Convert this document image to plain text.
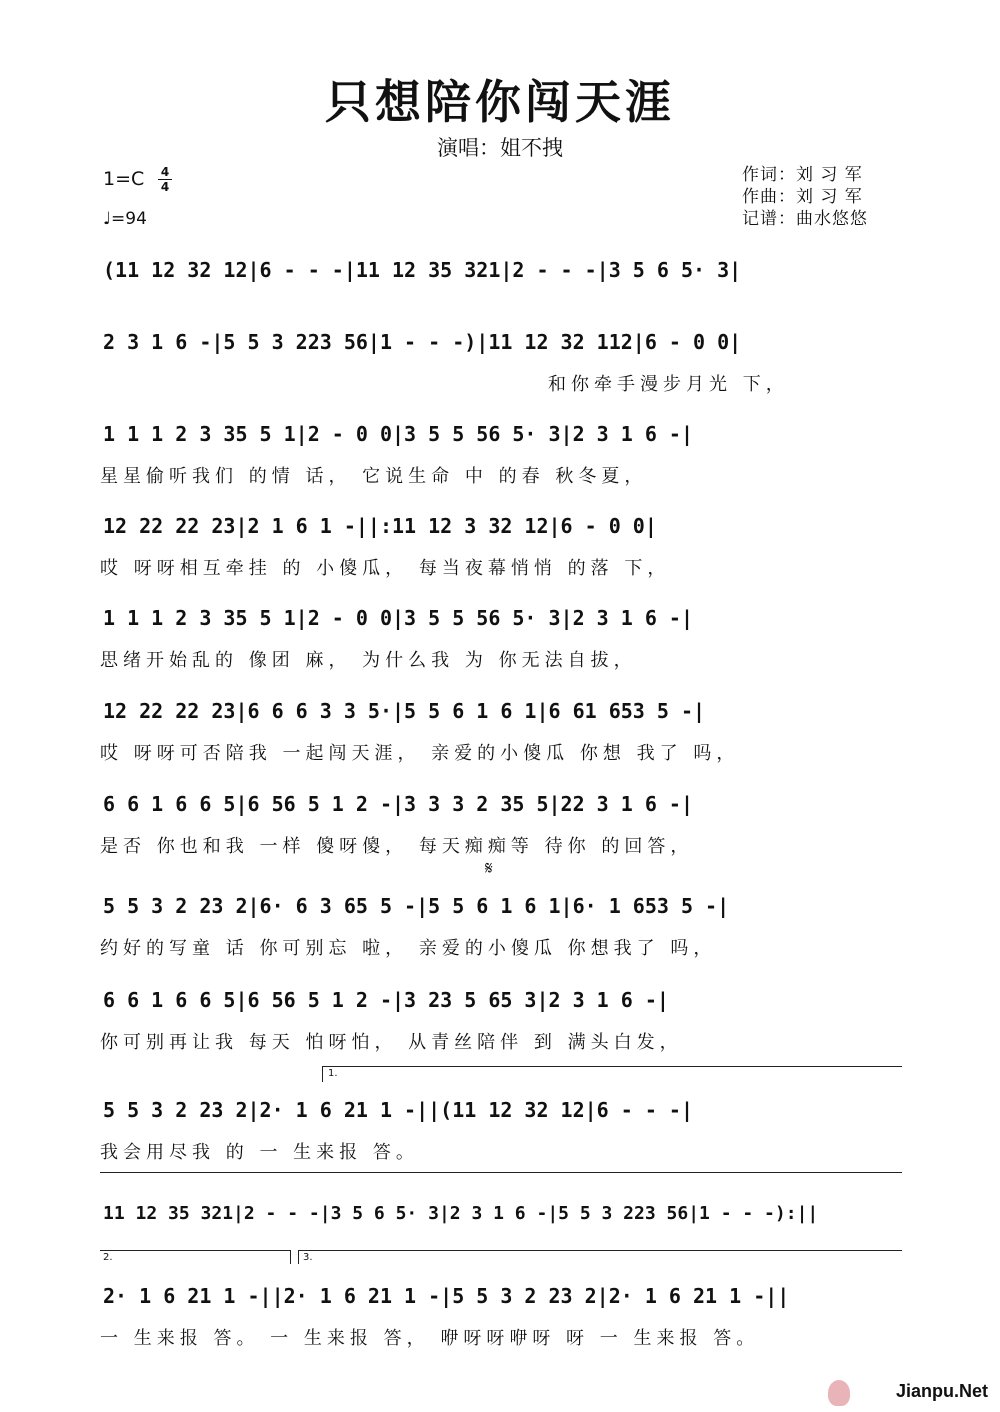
只想陪你闯天涯
演唱：姐不拽
1=C 4
4
♩=94
作词：刘 习 军
作曲：刘 习 军
记谱：曲水悠悠
(11 12 32 12|6 - - -|11 12 35 321|2 - - -|3 5 6 5· 3|
2 3 1 6 -|5 5 3 223 56|1 - - -)|11 12 32 112|6 - 0 0|
和你牵手漫步月光 下，
1 1 1 2 3 35 5 1|2 - 0 0|3 5 5 56 5· 3|2 3 1 6 -|
星星偷听我们 的情 话， 它说生命 中 的春 秋冬夏，
12 22 22 23|2 1 6 1 -||:11 12 3 32 12|6 - 0 0|
哎 呀呀相互牵挂 的 小傻瓜， 每当夜幕悄悄 的落 下，
1 1 1 2 3 35 5 1|2 - 0 0|3 5 5 56 5· 3|2 3 1 6 -|
思绪开始乱的 像团 麻， 为什么我 为 你无法自拔，
12 22 22 23|6 6 6 3 3 5·|5 5 6 1 6 1|6 61 653 5 -|
哎 呀呀可否陪我 一起闯天涯， 亲爱的小傻瓜 你想 我了 吗，
6 6 1 6 6 5|6 56 5 1 2 -|3 3 3 2 35 5|22 3 1 6 -|
是否 你也和我 一样 傻呀傻， 每天痴痴等 待你 的回答，
𝄋
5 5 3 2 23 2|6· 6 3 65 5 -|5 5 6 1 6 1|6· 1 653 5 -|
约好的写童 话 你可别忘 啦， 亲爱的小傻瓜 你想我了 吗，
6 6 1 6 6 5|6 56 5 1 2 -|3 23 5 65 3|2 3 1 6 -|
你可别再让我 每天 怕呀怕， 从青丝陪伴 到 满头白发，
1.
5 5 3 2 23 2|2· 1 6 21 1 -||(11 12 32 12|6 - - -|
我会用尽我 的 一 生来报 答。
11 12 35 321|2 - - -|3 5 6 5· 3|2 3 1 6 -|5 5 3 223 56|1 - - -):||
2.	3.
2· 1 6 21 1 -||2· 1 6 21 1 -|5 5 3 2 23 2|2· 1 6 21 1 -||
一 生来报 答。 一 生来报 答， 咿呀呀咿呀 呀 一 生来报 答。
Jianpu.Net
